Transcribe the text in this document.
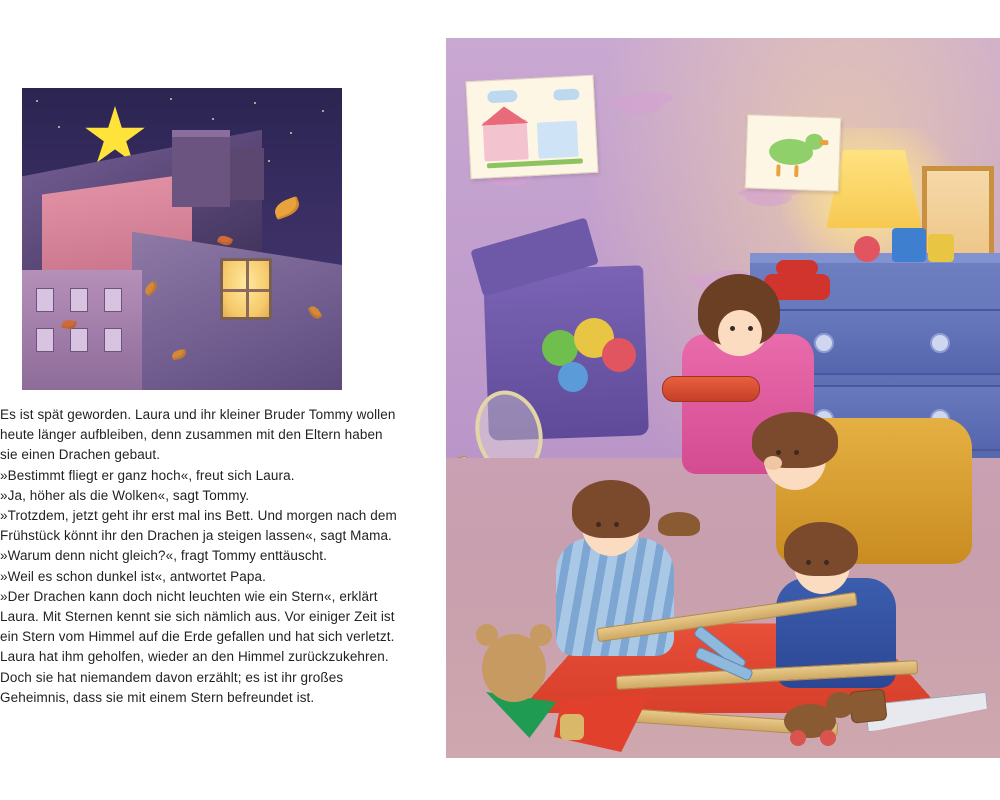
Es ist spät geworden. Laura und ihr kleiner Bruder Tommy wollen heute länger aufbleiben, denn zusammen mit den Eltern haben sie einen Drachen gebaut.

»Bestimmt fliegt er ganz hoch«, freut sich Laura.

»Ja, höher als die Wolken«, sagt Tommy.

»Trotzdem, jetzt geht ihr erst mal ins Bett. Und morgen nach dem Frühstück könnt ihr den Drachen ja steigen lassen«, sagt Mama.

»Warum denn nicht gleich?«, fragt Tommy enttäuscht.

»Weil es schon dunkel ist«, antwortet Papa.

»Der Drachen kann doch nicht leuchten wie ein Stern«, erklärt Laura. Mit Sternen kennt sie sich nämlich aus. Vor einiger Zeit ist ein Stern vom Himmel auf die Erde gefallen und hat sich verletzt. Laura hat ihm geholfen, wieder an den Himmel zurückzukehren.

Doch sie hat niemandem davon erzählt; es ist ihr großes Geheimnis, dass sie mit einem Stern befreundet ist.
